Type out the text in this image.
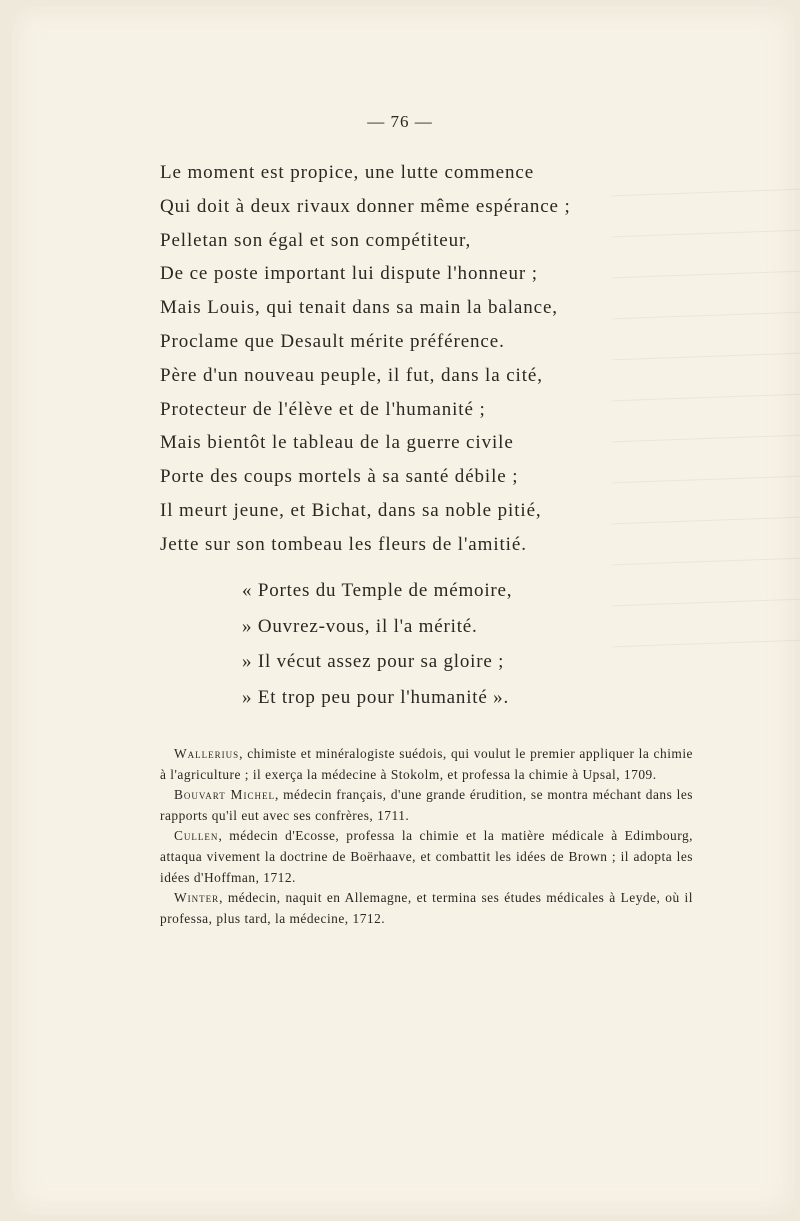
— 76 —
Le moment est propice, une lutte commence
Qui doit à deux rivaux donner même espérance ;
Pelletan son égal et son compétiteur,
De ce poste important lui dispute l'honneur ;
Mais Louis, qui tenait dans sa main la balance,
Proclame que Desault mérite préférence.
Père d'un nouveau peuple, il fut, dans la cité,
Protecteur de l'élève et de l'humanité ;
Mais bientôt le tableau de la guerre civile
Porte des coups mortels à sa santé débile ;
Il meurt jeune, et Bichat, dans sa noble pitié,
Jette sur son tombeau les fleurs de l'amitié.
« Portes du Temple de mémoire,
» Ouvrez-vous, il l'a mérité.
» Il vécut assez pour sa gloire ;
» Et trop peu pour l'humanité ».

Wallerius, chimiste et minéralogiste suédois, qui voulut le premier appliquer la chimie à l'agriculture ; il exerça la médecine à Stokolm, et professa la chimie à Upsal, 1709.

Bouvart Michel, médecin français, d'une grande érudition, se montra méchant dans les rapports qu'il eut avec ses confrères, 1711.

Cullen, médecin d'Ecosse, professa la chimie et la matière médicale à Edimbourg, attaqua vivement la doctrine de Boërhaave, et combattit les idées de Brown ; il adopta les idées d'Hoffman, 1712.

Winter, médecin, naquit en Allemagne, et termina ses études médicales à Leyde, où il professa, plus tard, la médecine, 1712.
